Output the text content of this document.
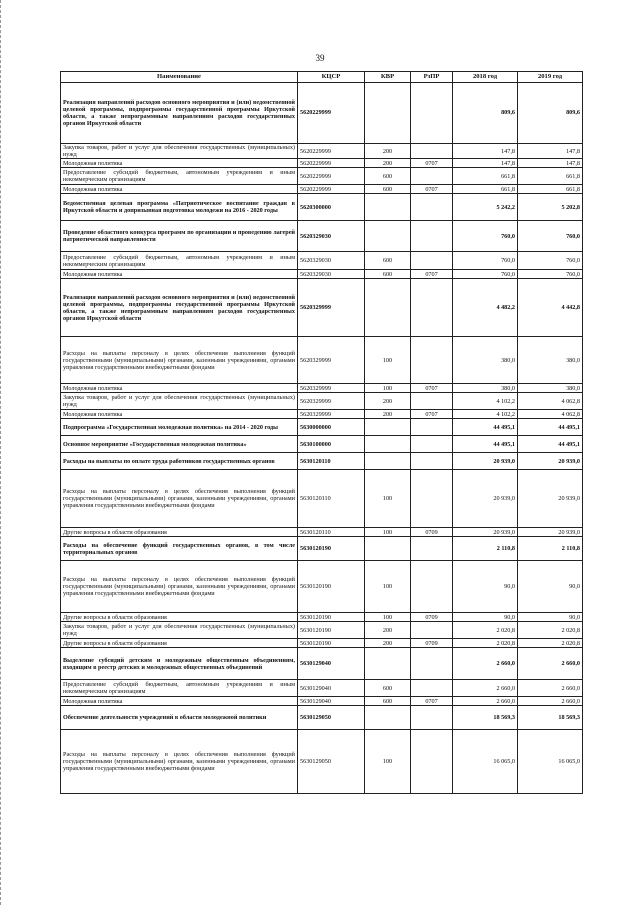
39
Наименование	КЦСР	КВР	РзПР	2018 год	2019 год
Реализация направлений расходов основного мероприятия и (или) ведомственной целевой программы, подпрограммы государственной программы Иркутской области, а также непрограммным направлениям расходов государственных органов Иркутской области	5620229999			809,6	809,6
Закупка товаров, работ и услуг для обеспечения государственных (муниципальных) нужд	5620229999	200		147,8	147,8
Молодежная политика	5620229999	200	0707	147,8	147,8
Предоставление субсидий бюджетным, автономным учреждениям и иным некоммерческим организациям	5620229999	600		661,8	661,8
Молодежная политика	5620229999	600	0707	661,8	661,8
Ведомственная целевая программа «Патриотическое воспитание граждан в Иркутской области и допризывная подготовка молодежи на 2016 - 2020 годы	5620300000			5 242,2	5 202,8
Проведение областного конкурса программ по организации и проведению лагерей патриотической направленности	5620329030			760,0	760,0
Предоставление субсидий бюджетным, автономным учреждениям и иным некоммерческим организациям	5620329030	600		760,0	760,0
Молодежная политика	5620329030	600	0707	760,0	760,0
Реализация направлений расходов основного мероприятия и (или) ведомственной целевой программы, подпрограммы государственной программы Иркутской области, а также непрограммным направлениям расходов государственных органов Иркутской области	5620329999			4 482,2	4 442,8
Расходы на выплаты персоналу в целях обеспечения выполнения функций государственными (муниципальными) органами, казенными учреждениями, органами управления государственными внебюджетными фондами	5620329999	100		380,0	380,0
Молодежная политика	5620329999	100	0707	380,0	380,0
Закупка товаров, работ и услуг для обеспечения государственных (муниципальных) нужд	5620329999	200		4 102,2	4 062,8
Молодежная политика	5620329999	200	0707	4 102,2	4 062,8
Подпрограмма «Государственная молодежная политика» на 2014 - 2020 годы	5630000000			44 495,1	44 495,1
Основное мероприятие «Государственная молодежная политика»	5630100000			44 495,1	44 495,1
Расходы на выплаты по оплате труда работников государственных органов	5630120110			20 939,0	20 939,0
Расходы на выплаты персоналу в целях обеспечения выполнения функций государственными (муниципальными) органами, казенными учреждениями, органами управления государственными внебюджетными фондами	5630120110	100		20 939,0	20 939,0
Другие вопросы в области образования	5630120110	100	0709	20 939,0	20 939,0
Расходы на обеспечение функций государственных органов, в том числе территориальных органов	5630120190			2 110,8	2 110,8
Расходы на выплаты персоналу в целях обеспечения выполнения функций государственными (муниципальными) органами, казенными учреждениями, органами управления государственными внебюджетными фондами	5630120190	100		90,0	90,0
Другие вопросы в области образования	5630120190	100	0709	90,0	90,0
Закупка товаров, работ и услуг для обеспечения государственных (муниципальных) нужд	5630120190	200		2 020,8	2 020,8
Другие вопросы в области образования	5630120190	200	0709	2 020,8	2 020,8
Выделение субсидий детским и молодежным общественным объединениям, входящим в реестр детских и молодежных общественных объединений	5630129040			2 660,0	2 660,0
Предоставление субсидий бюджетным, автономным учреждениям и иным некоммерческим организациям	5630129040	600		2 660,0	2 660,0
Молодежная политика	5630129040	600	0707	2 660,0	2 660,0
Обеспечение деятельности учреждений в области молодежной политики	5630129050			18 569,3	18 569,3
Расходы на выплаты персоналу в целях обеспечения выполнения функций государственными (муниципальными) органами, казенными учреждениями, органами управления государственными внебюджетными фондами	5630129050	100		16 065,0	16 065,0
